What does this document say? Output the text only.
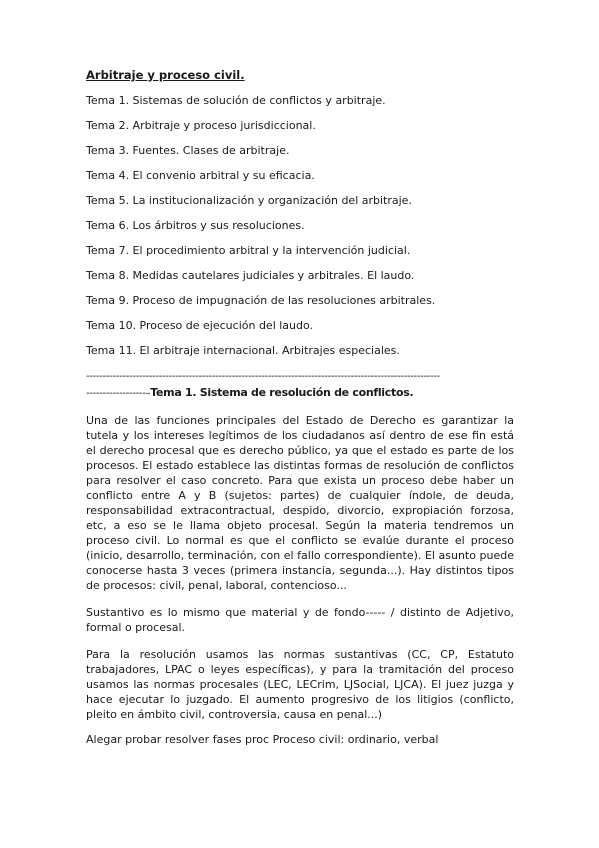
Arbitraje y proceso civil.
Tema 1. Sistemas de solución de conflictos y arbitraje.
Tema 2. Arbitraje y proceso jurisdiccional.
Tema 3. Fuentes. Clases de arbitraje.
Tema 4. El convenio arbitral y su eficacia.
Tema 5. La institucionalización y organización del arbitraje.
Tema 6. Los árbitros y sus resoluciones.
Tema 7. El procedimiento arbitral y la intervención judicial.
Tema 8. Medidas cautelares judiciales y arbitrales. El laudo.
Tema 9. Proceso de impugnación de las resoluciones arbitrales.
Tema 10. Proceso de ejecución del laudo.
Tema 11. El arbitraje internacional. Arbitrajes especiales.
-----------------------------------------------------------------------------------------------------------
------------------–Tema 1. Sistema de resolución de conflictos.

Una de las funciones principales del Estado de Derecho es garantizar la tutela y los intereses legítimos de los ciudadanos así dentro de ese fin está el derecho procesal que es derecho público, ya que el estado es parte de los procesos. El estado establece las distintas formas de resolución de conflictos para resolver el caso concreto. Para que exista un proceso debe haber un conflicto entre A y B (sujetos: partes) de cualquier índole, de deuda, responsabilidad extracontractual, despido, divorcio, expropiación forzosa, etc, a eso se le llama objeto procesal. Según la materia tendremos un proceso civil. Lo normal es que el conflicto se evalúe durante el proceso (inicio, desarrollo, terminación, con el fallo correspondiente). El asunto puede conocerse hasta 3 veces (primera instancia, segunda...). Hay distintos tipos de procesos: civil, penal, laboral, contencioso...

Sustantivo es lo mismo que material y de fondo----- / distinto de Adjetivo, formal o procesal.

Para la resolución usamos las normas sustantivas (CC, CP, Estatuto trabajadores, LPAC o leyes específicas), y para la tramitación del proceso usamos las normas procesales (LEC, LECrim, LJSocial, LJCA). El juez juzga y hace ejecutar lo juzgado. El aumento progresivo de los litigios (conflicto, pleito en ámbito civil, controversia, causa en penal...)

Alegar probar resolver fases proc Proceso civil: ordinario, verbal
